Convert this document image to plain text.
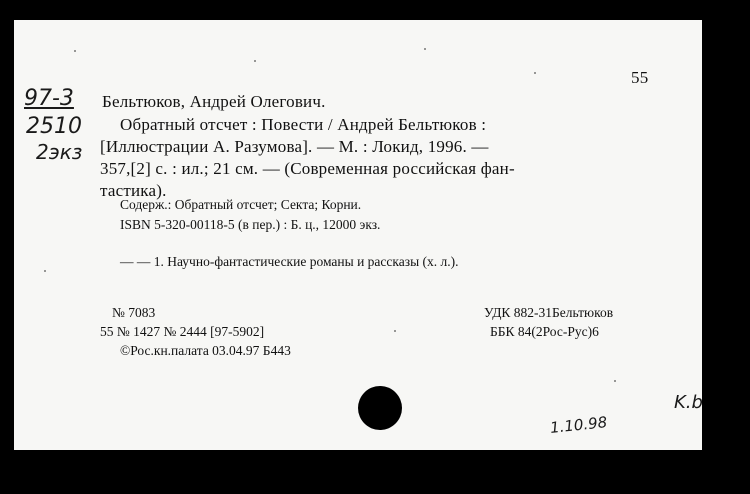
55
97-3
2510
2экз
Бельтюков, Андрей Олегович.
Обратный отсчет : Повести / Андрей Бельтюков :
[Иллюстрации А. Разумова]. — М. : Локид, 1996. —
357,[2] с. : ил.; 21 см. — (Современная российская фан-
тастика).
Содерж.: Обратный отсчет; Секта; Корни.
ISBN 5-320-00118-5 (в пер.) : Б. ц., 12000 экз.
— — 1. Научно-фантастические романы и рассказы (х. л.).
№ 7083
55 № 1427 № 2444 [97-5902]
©Рос.кн.палата 03.04.97 Б443
УДК 882-31Бельтюков
ББК 84(2Рос-Рус)6
1.10.98
K.b
